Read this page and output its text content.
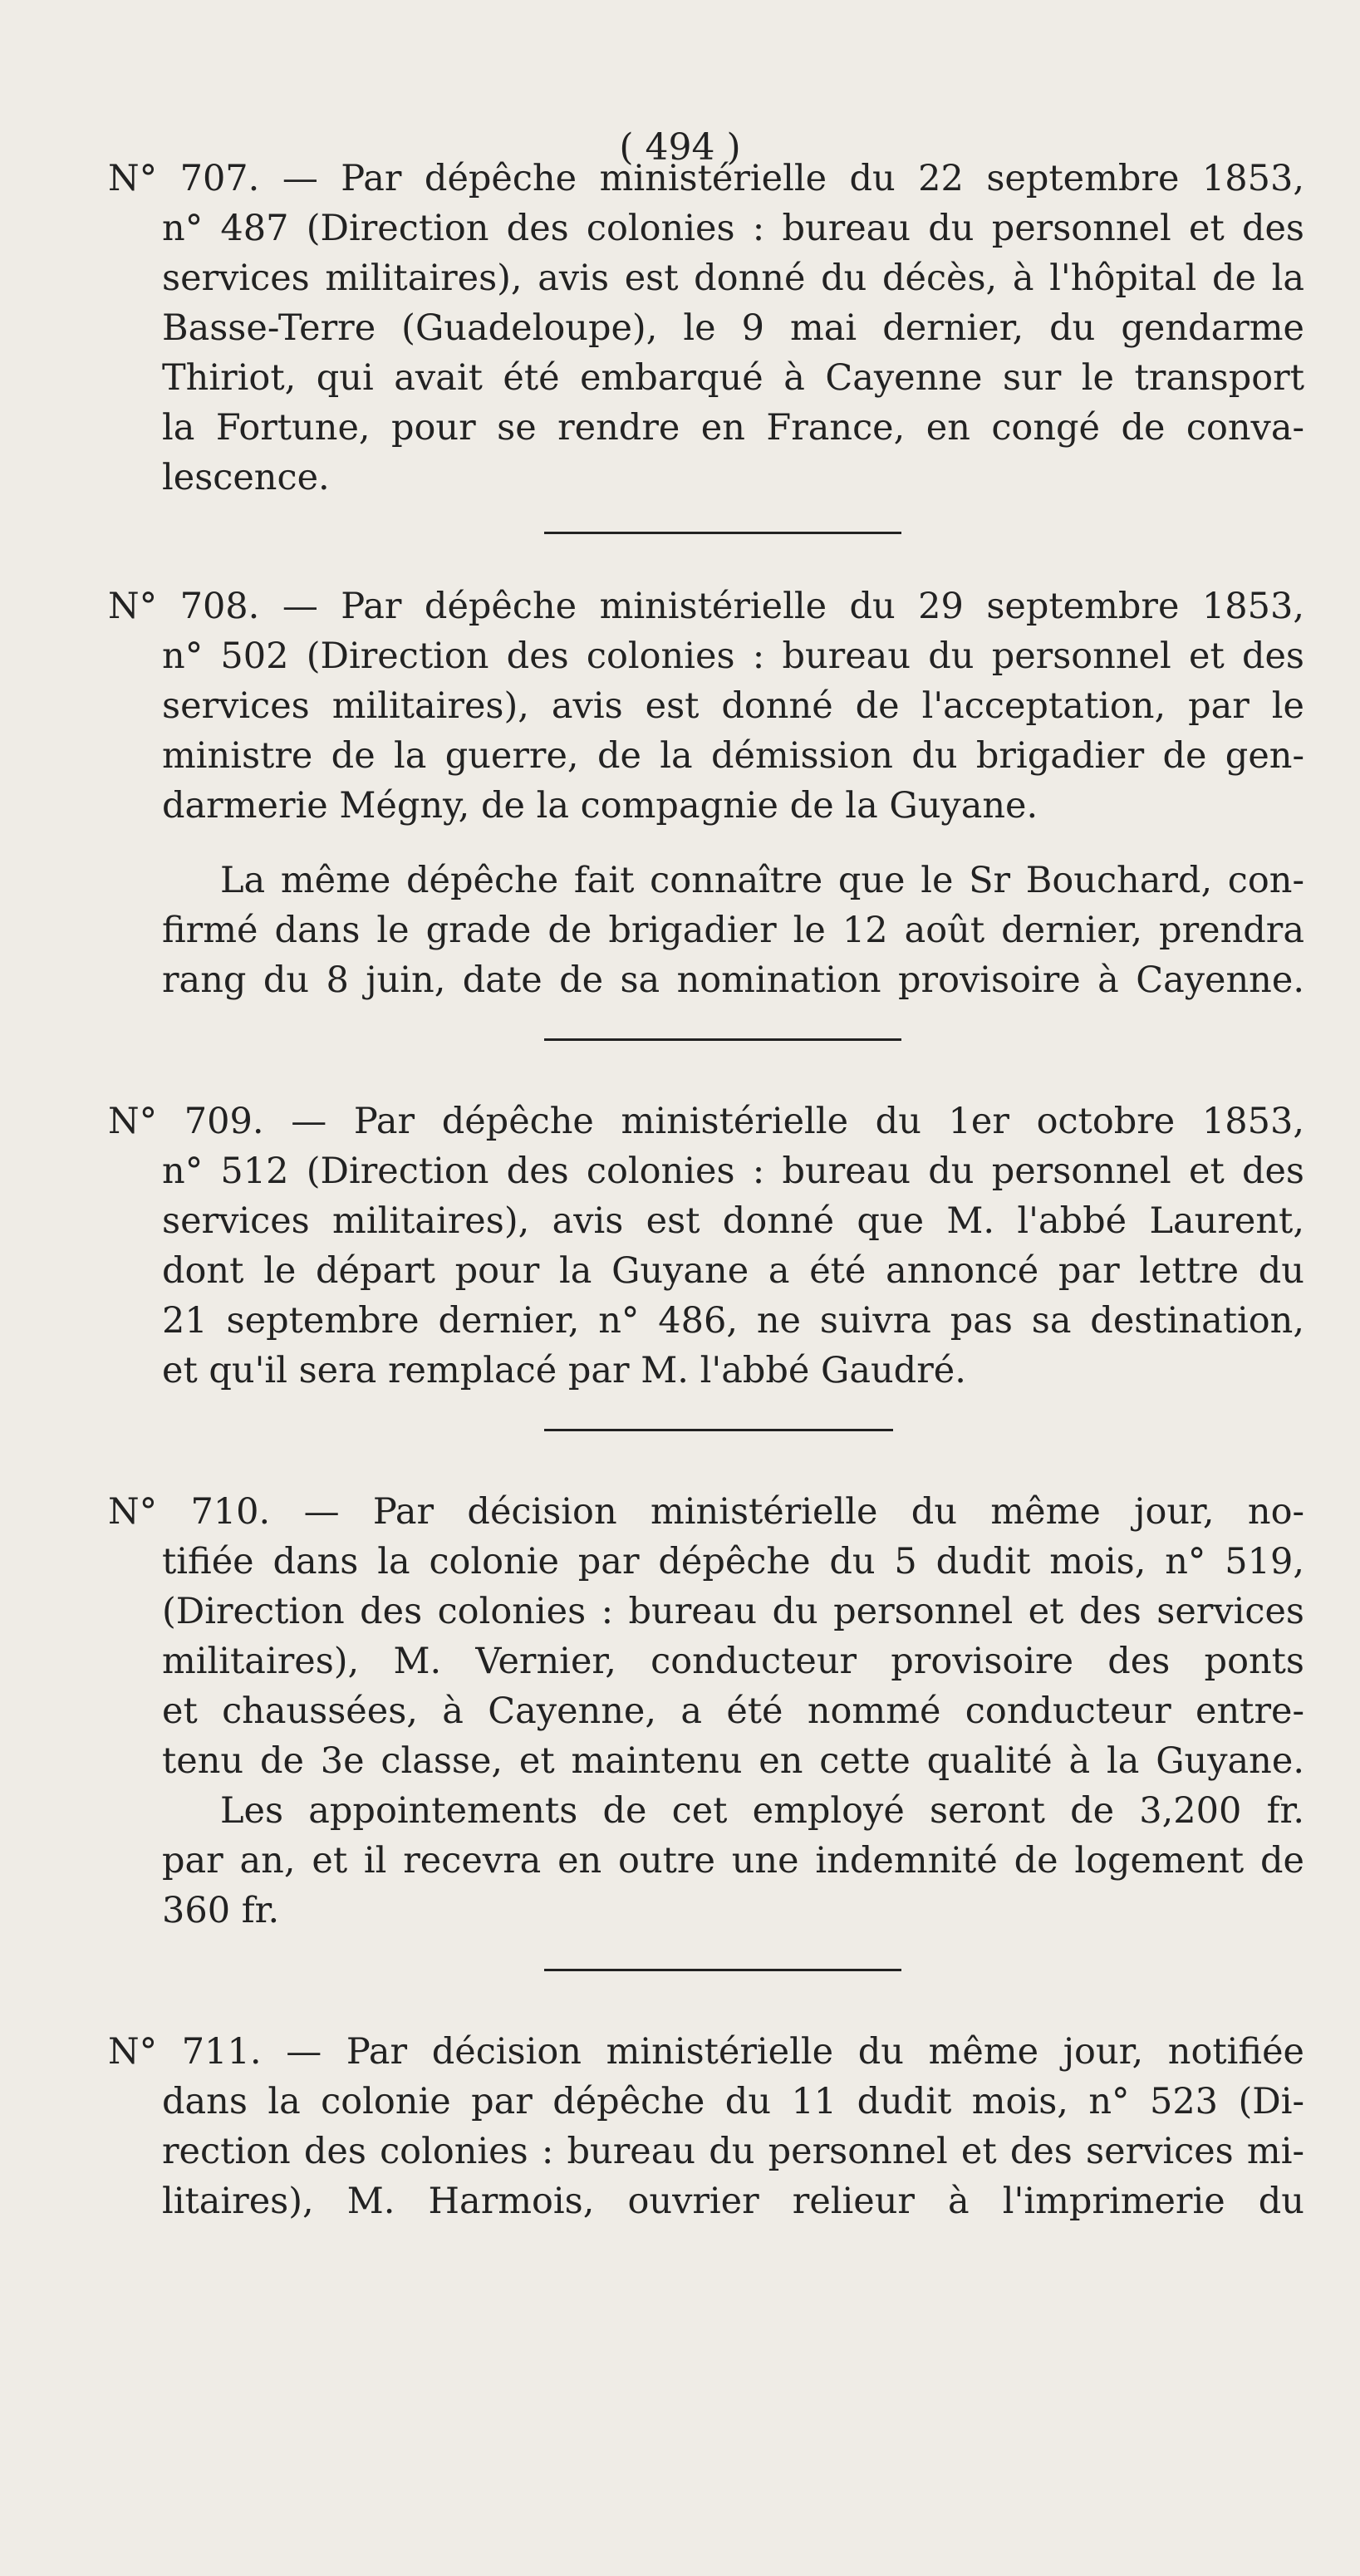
( 494 )
N° 707. — Par dépêche ministérielle du 22 septembre 1853,
n° 487 (Direction des colonies : bureau du personnel et des
services militaires), avis est donné du décès, à l'hôpital de la
Basse-Terre (Guadeloupe), le 9 mai dernier, du gendarme
Thiriot, qui avait été embarqué à Cayenne sur le transport
la Fortune, pour se rendre en France, en congé de conva-
lescence.
N° 708. — Par dépêche ministérielle du 29 septembre 1853,
n° 502 (Direction des colonies : bureau du personnel et des
services militaires), avis est donné de l'acceptation, par le
ministre de la guerre, de la démission du brigadier de gen-
darmerie Mégny, de la compagnie de la Guyane.
La même dépêche fait connaître que le Sr Bouchard, con-
firmé dans le grade de brigadier le 12 août dernier, prendra
rang du 8 juin, date de sa nomination provisoire à Cayenne.
N° 709. — Par dépêche ministérielle du 1er octobre 1853,
n° 512 (Direction des colonies : bureau du personnel et des
services militaires), avis est donné que M. l'abbé Laurent,
dont le départ pour la Guyane a été annoncé par lettre du
21 septembre dernier, n° 486, ne suivra pas sa destination,
et qu'il sera remplacé par M. l'abbé Gaudré.
N° 710. — Par décision ministérielle du même jour, no-
tifiée dans la colonie par dépêche du 5 dudit mois, n° 519,
(Direction des colonies : bureau du personnel et des services
militaires), M. Vernier, conducteur provisoire des ponts
et chaussées, à Cayenne, a été nommé conducteur entre-
tenu de 3e classe, et maintenu en cette qualité à la Guyane.
Les appointements de cet employé seront de 3,200 fr.
par an, et il recevra en outre une indemnité de logement de
360 fr.
N° 711. — Par décision ministérielle du même jour, notifiée
dans la colonie par dépêche du 11 dudit mois, n° 523 (Di-
rection des colonies : bureau du personnel et des services mi-
litaires), M. Harmois, ouvrier relieur à l'imprimerie du
